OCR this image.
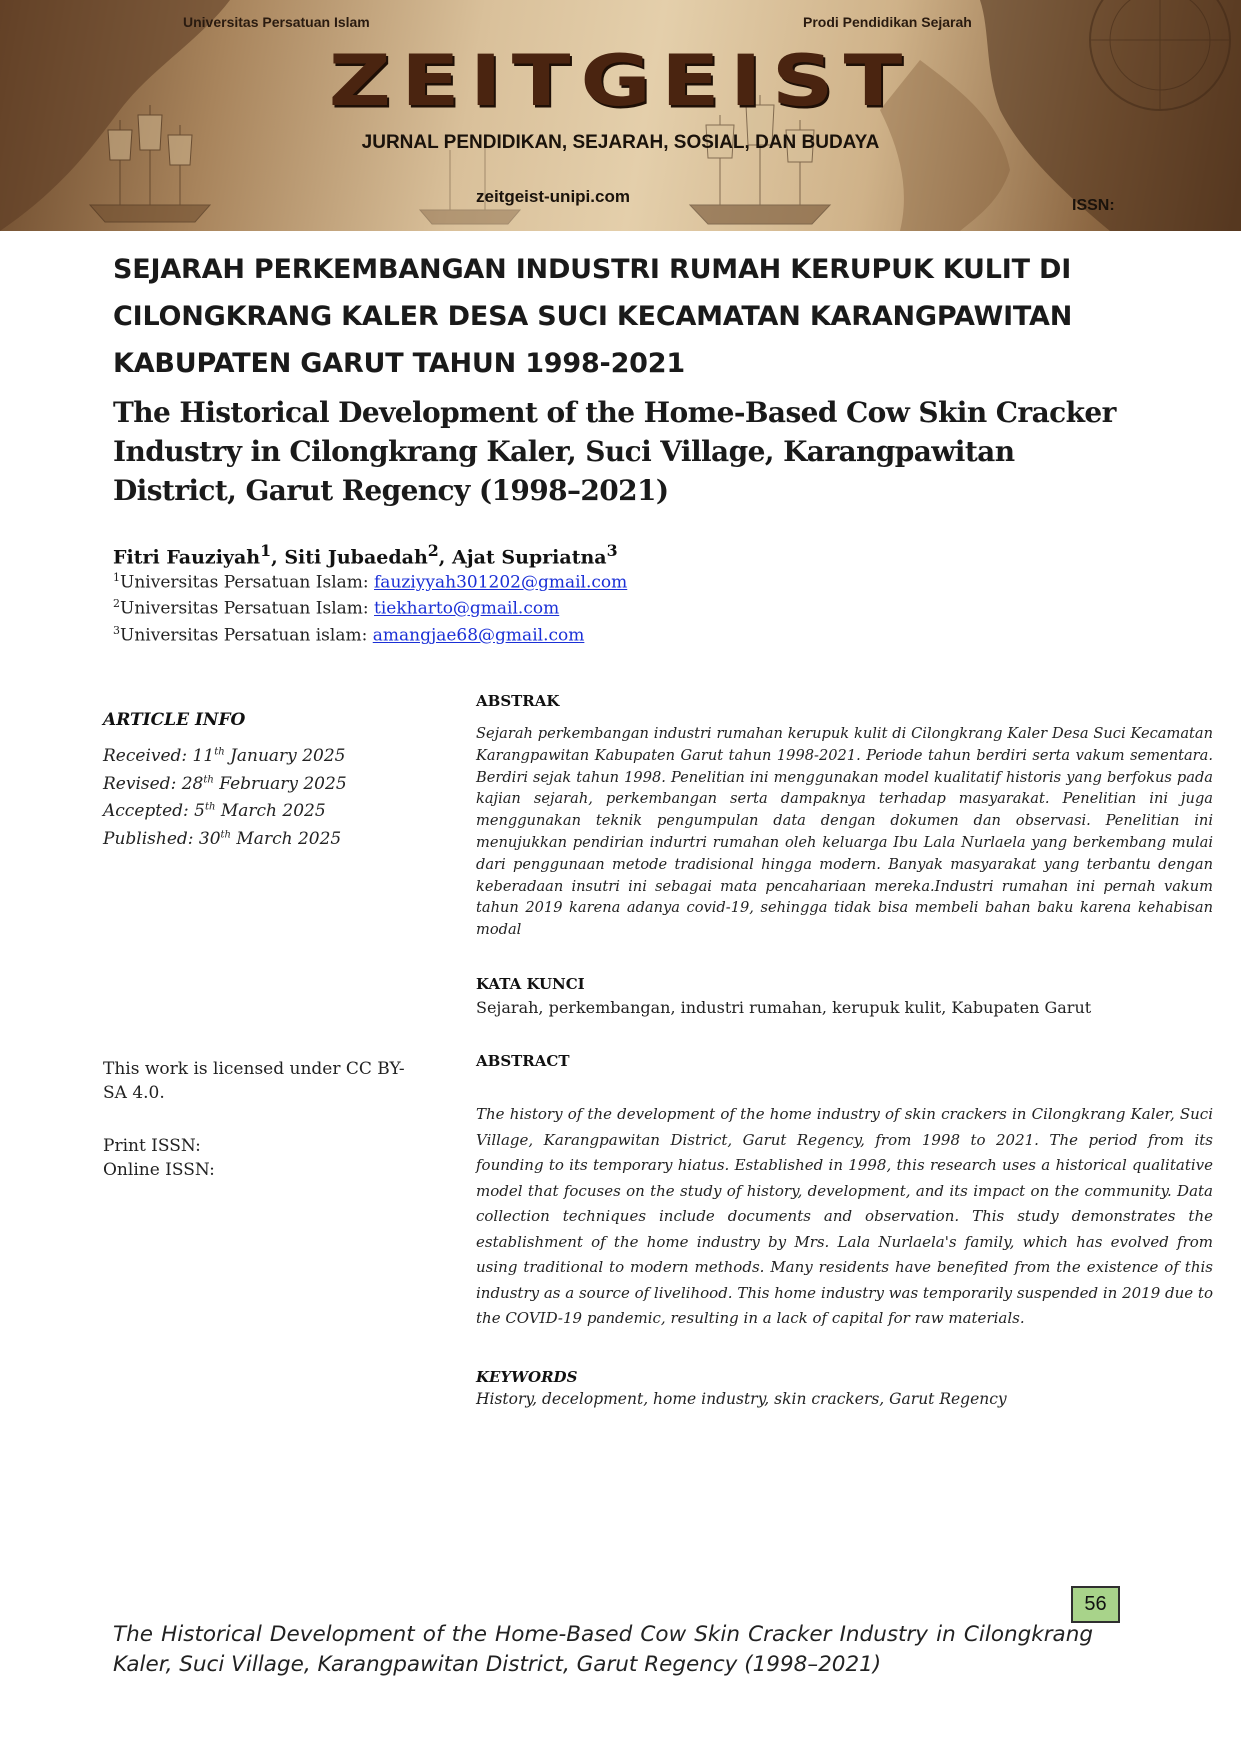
Universitas Persatuan Islam	Prodi Pendidikan Sejarah
ZEITGEIST
JURNAL PENDIDIKAN, SEJARAH, SOSIAL, DAN BUDAYA
zeitgeist-unipi.com	ISSN:
SEJARAH PERKEMBANGAN INDUSTRI RUMAH KERUPUK KULIT DI CILONGKRANG KALER DESA SUCI KECAMATAN KARANGPAWITAN KABUPATEN GARUT TAHUN 1998-2021
The Historical Development of the Home-Based Cow Skin Cracker Industry in Cilongkrang Kaler, Suci Village, Karangpawitan District, Garut Regency (1998–2021)
Fitri Fauziyah$^1$, Siti Jubaedah$^2$, Ajat Supriatna$^3$
$^1$Universitas Persatuan Islam: fauziyyah301202@gmail.com
$^2$Universitas Persatuan Islam: tiekharto@gmail.com
$^3$Universitas Persatuan islam: amangjae68@gmail.com
ARTICLE INFO
Received: 11th January 2025
Revised: 28th February 2025
Accepted: 5th March 2025
Published: 30th March 2025
This work is licensed under CC BY-SA 4.0.
Print ISSN:
Online ISSN:
ABSTRAK

Sejarah perkembangan industri rumahan kerupuk kulit di Cilongkrang Kaler Desa Suci Kecamatan Karangpawitan Kabupaten Garut tahun 1998-2021. Periode tahun berdiri serta vakum sementara. Berdiri sejak tahun 1998. Penelitian ini menggunakan model kualitatif historis yang berfokus pada kajian sejarah, perkembangan serta dampaknya terhadap masyarakat. Penelitian ini juga menggunakan teknik pengumpulan data dengan dokumen dan observasi. Penelitian ini menujukkan pendirian indurtri rumahan oleh keluarga Ibu Lala Nurlaela yang berkembang mulai dari penggunaan metode tradisional hingga modern. Banyak masyarakat yang terbantu dengan keberadaan insutri ini sebagai mata pencahariaan mereka.Industri rumahan ini pernah vakum tahun 2019 karena adanya covid-19, sehingga tidak bisa membeli bahan baku karena kehabisan modal

KATA KUNCI
Sejarah, perkembangan, industri rumahan, kerupuk kulit, Kabupaten Garut
ABSTRACT

The history of the development of the home industry of skin crackers in Cilongkrang Kaler, Suci Village, Karangpawitan District, Garut Regency, from 1998 to 2021. The period from its founding to its temporary hiatus. Established in 1998, this research uses a historical qualitative model that focuses on the study of history, development, and its impact on the community. Data collection techniques include documents and observation. This study demonstrates the establishment of the home industry by Mrs. Lala Nurlaela's family, which has evolved from using traditional to modern methods. Many residents have benefited from the existence of this industry as a source of livelihood. This home industry was temporarily suspended in 2019 due to the COVID-19 pandemic, resulting in a lack of capital for raw materials.

KEYWORDS
History, decelopment, home industry, skin crackers, Garut Regency
56
The Historical Development of the Home-Based Cow Skin Cracker Industry in Cilongkrang Kaler, Suci Village, Karangpawitan District, Garut Regency (1998–2021)
